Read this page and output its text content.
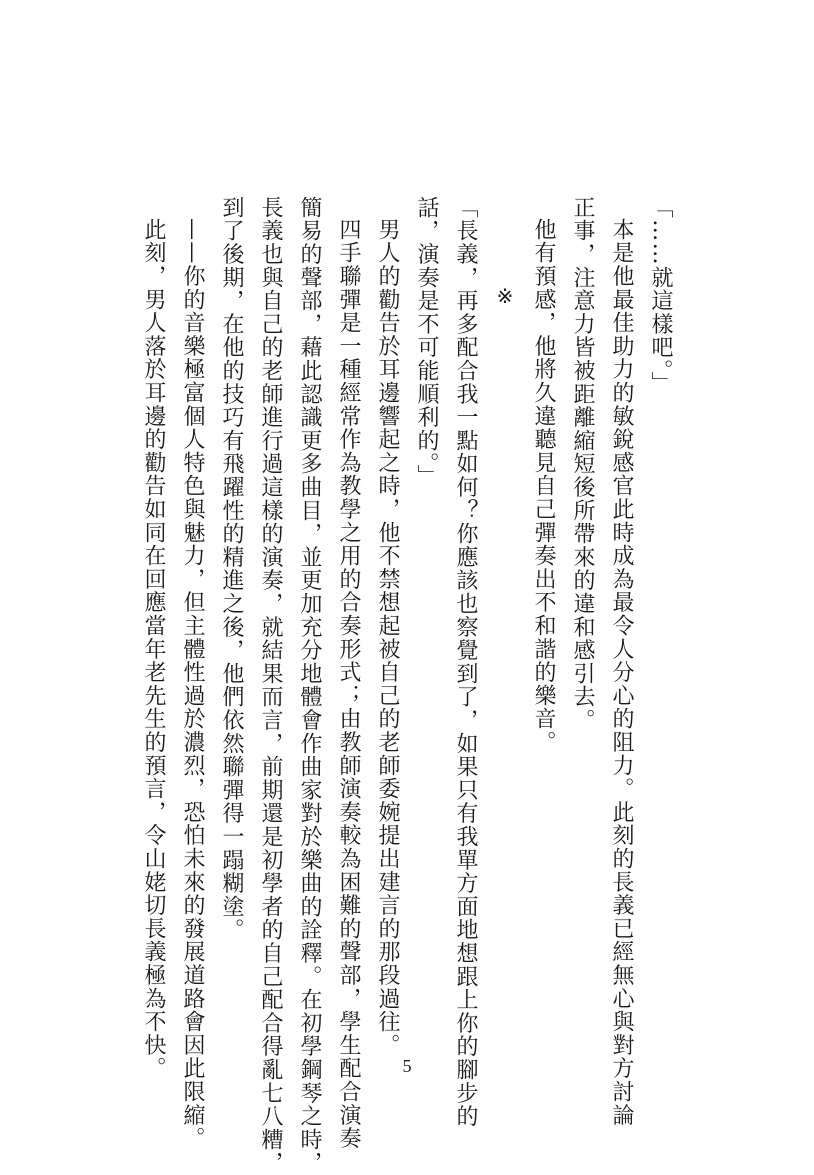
「……就這樣吧。」
本是他最佳助力的敏銳感官此時成為最令人分心的阻力。此刻的長義已經無心與對方討論
正事，注意力皆被距離縮短後所帶來的違和感引去。
他有預感，他將久違聽見自己彈奏出不和諧的樂音。
※
「長義，再多配合我一點如何？你應該也察覺到了，如果只有我單方面地想跟上你的腳步的
話，演奏是不可能順利的。」
男人的勸告於耳邊響起之時，他不禁想起被自己的老師委婉提出建言的那段過往。
四手聯彈是一種經常作為教學之用的合奏形式；由教師演奏較為困難的聲部，學生配合演奏
簡易的聲部，藉此認識更多曲目，並更加充分地體會作曲家對於樂曲的詮釋。在初學鋼琴之時，
長義也與自己的老師進行過這樣的演奏，就結果而言，前期還是初學者的自己配合得亂七八糟，
到了後期，在他的技巧有飛躍性的精進之後，他們依然聯彈得一蹋糊塗。
——你的音樂極富個人特色與魅力，但主體性過於濃烈，恐怕未來的發展道路會因此限縮。
此刻，男人落於耳邊的勸告如同在回應當年老先生的預言，令山姥切長義極為不快。	5
